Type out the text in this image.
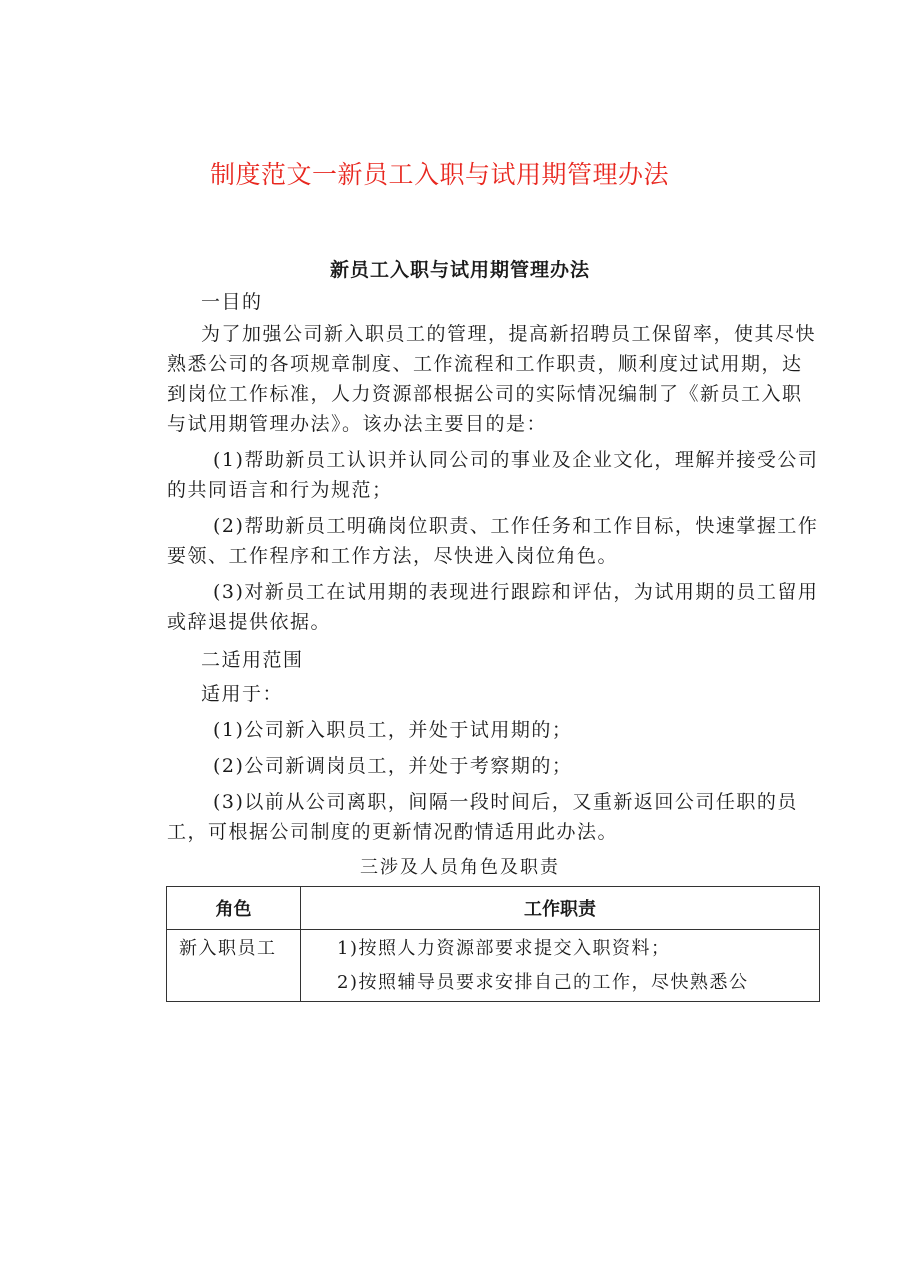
制度范文一新员工入职与试用期管理办法
新员工入职与试用期管理办法
一目的
为了加强公司新入职员工的管理，提高新招聘员工保留率，使其尽快熟悉公司的各项规章制度、工作流程和工作职责，顺利度过试用期，达到岗位工作标准，人力资源部根据公司的实际情况编制了《新员工入职与试用期管理办法》。该办法主要目的是：
(1)帮助新员工认识并认同公司的事业及企业文化，理解并接受公司的共同语言和行为规范；
(2)帮助新员工明确岗位职责、工作任务和工作目标，快速掌握工作要领、工作程序和工作方法，尽快进入岗位角色。
(3)对新员工在试用期的表现进行跟踪和评估，为试用期的员工留用或辞退提供依据。
二适用范围
适用于：
(1)公司新入职员工，并处于试用期的；
(2)公司新调岗员工，并处于考察期的；
(3)以前从公司离职，间隔一段时间后，又重新返回公司任职的员工，可根据公司制度的更新情况酌情适用此办法。
三涉及人员角色及职责
角色	工作职责
新入职员工	1)按照人力资源部要求提交入职资料；
2)按照辅导员要求安排自己的工作，尽快熟悉公
